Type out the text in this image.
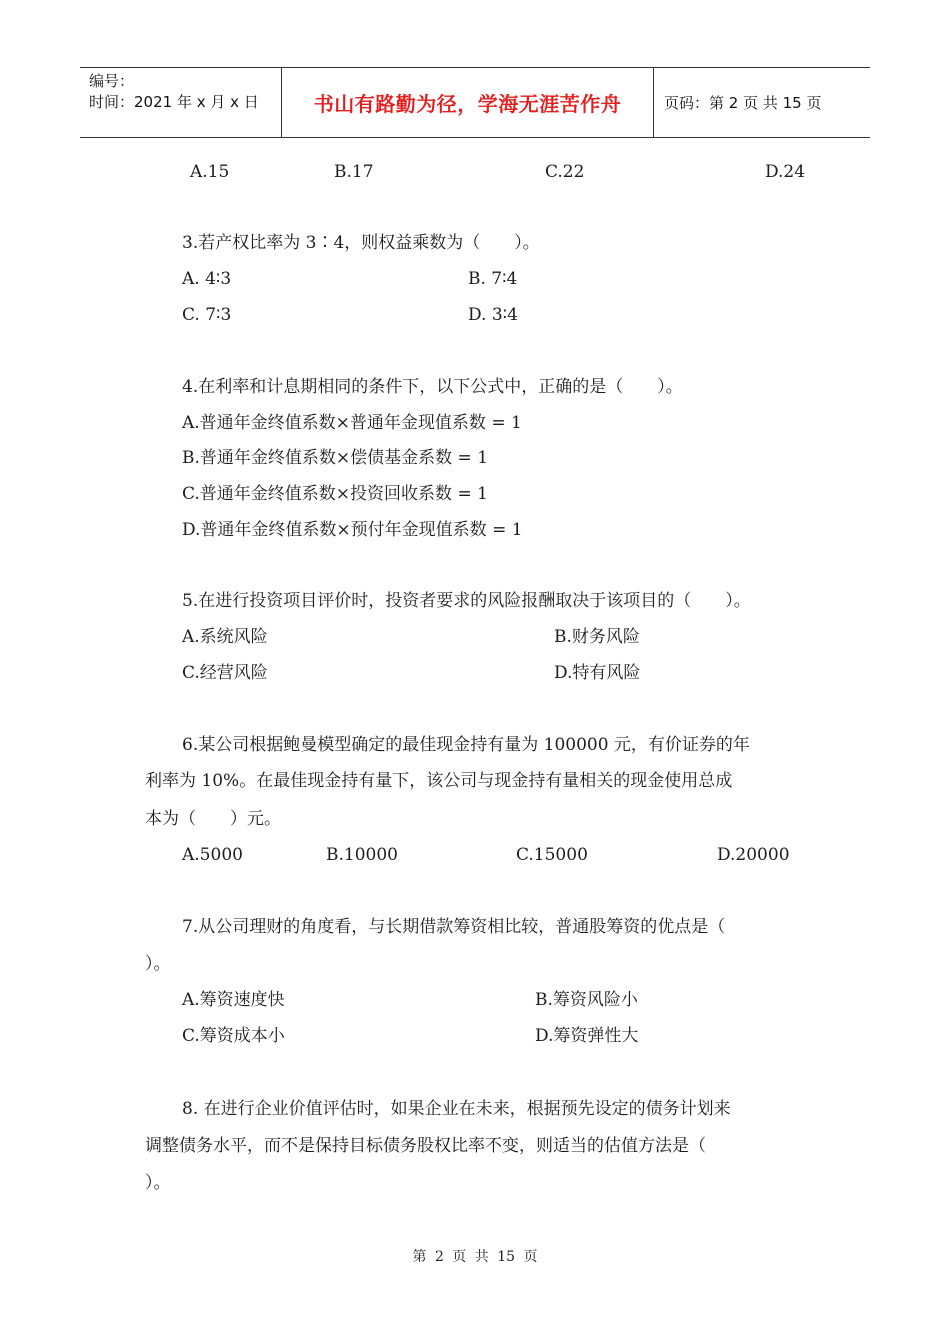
编号：
时间：2021 年 x 月 x 日	书山有路勤为径，学海无涯苦作舟	页码：第 2 页 共 15 页
A.15	B.17	C.22	D.24
3.若产权比率为 3∶4，则权益乘数为（　　）。
A. 4∶3	B. 7∶4
C. 7∶3	D. 3∶4
4.在利率和计息期相同的条件下，以下公式中，正确的是（　　）。
A.普通年金终值系数×普通年金现值系数 = 1
B.普通年金终值系数×偿债基金系数 = 1
C.普通年金终值系数×投资回收系数 = 1
D.普通年金终值系数×预付年金现值系数 = 1
5.在进行投资项目评价时，投资者要求的风险报酬取决于该项目的（　　）。
A.系统风险	B.财务风险
C.经营风险	D.特有风险
6.某公司根据鲍曼模型确定的最佳现金持有量为 100000 元，有价证券的年
利率为 10%。在最佳现金持有量下，该公司与现金持有量相关的现金使用总成
本为（　　）元。
A.5000	B.10000	C.15000	D.20000
7.从公司理财的角度看，与长期借款筹资相比较，普通股筹资的优点是（
）。
A.筹资速度快	B.筹资风险小
C.筹资成本小	D.筹资弹性大
8. 在进行企业价值评估时，如果企业在未来，根据预先设定的债务计划来
调整债务水平，而不是保持目标债务股权比率不变，则适当的估值方法是（
）。
第 2 页 共 15 页
